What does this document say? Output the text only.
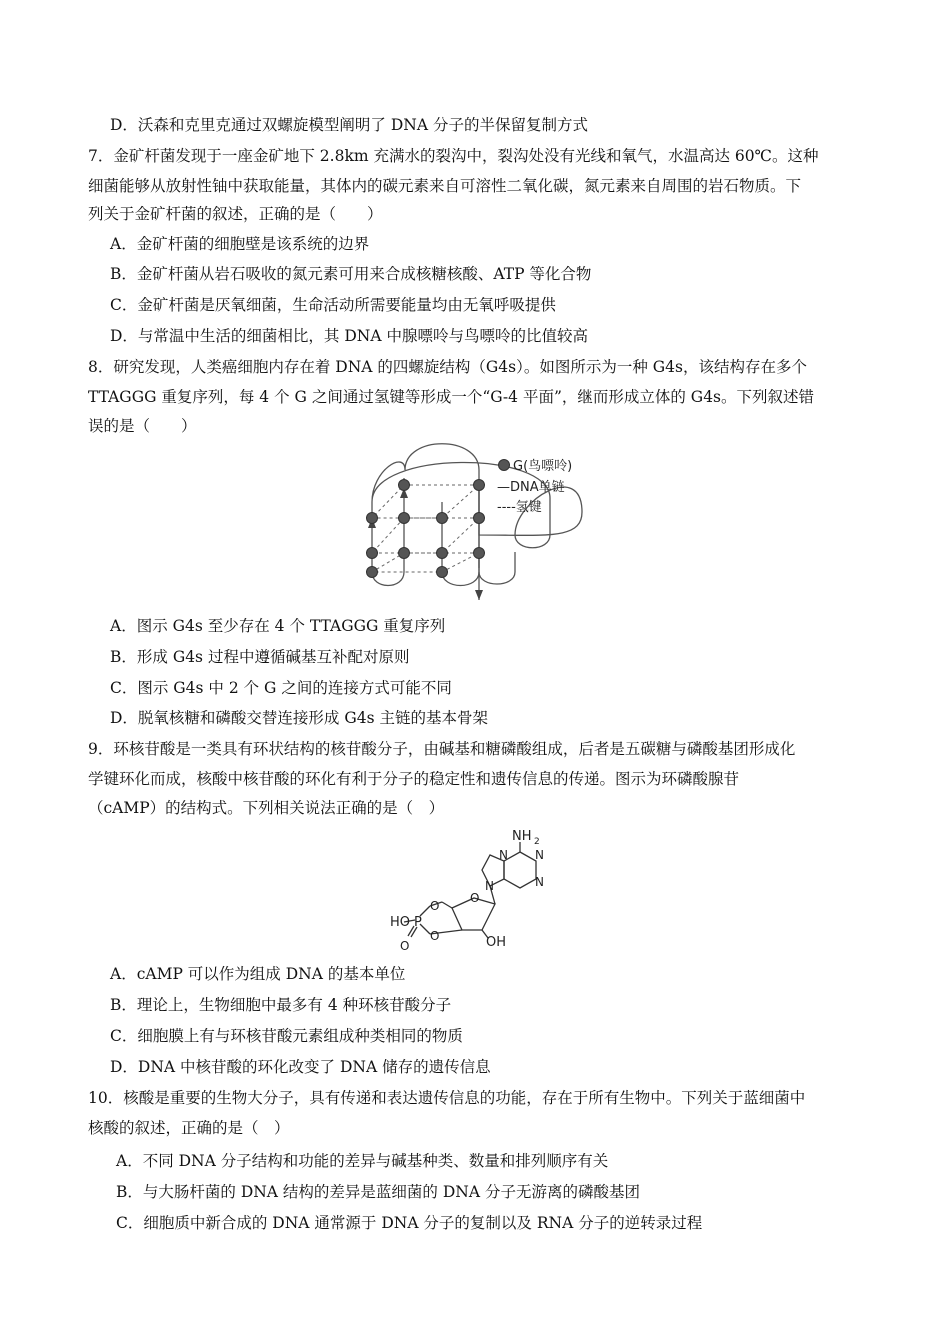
D．沃森和克里克通过双螺旋模型阐明了 DNA 分子的半保留复制方式
7．金矿杆菌发现于一座金矿地下 2.8km 充满水的裂沟中，裂沟处没有光线和氧气，水温高达 60℃。这种
细菌能够从放射性铀中获取能量，其体内的碳元素来自可溶性二氧化碳，氮元素来自周围的岩石物质。下
列关于金矿杆菌的叙述，正确的是（　　）
A．金矿杆菌的细胞壁是该系统的边界
B．金矿杆菌从岩石吸收的氮元素可用来合成核糖核酸、ATP 等化合物
C．金矿杆菌是厌氧细菌，生命活动所需要能量均由无氧呼吸提供
D．与常温中生活的细菌相比，其 DNA 中腺嘌呤与鸟嘌呤的比值较高
8．研究发现，人类癌细胞内存在着 DNA 的四螺旋结构（G4s）。如图所示为一种 G4s，该结构存在多个
TTAGGG 重复序列，每 4 个 G 之间通过氢键等形成一个“G-4 平面”，继而形成立体的 G4s。下列叙述错
误的是（　　）
G(鸟嘌呤)
—DNA单链
----氢键
A．图示 G4s 至少存在 4 个 TTAGGG 重复序列
B．形成 G4s 过程中遵循碱基互补配对原则
C．图示 G4s 中 2 个 G 之间的连接方式可能不同
D．脱氧核糖和磷酸交替连接形成 G4s 主链的基本骨架
9．环核苷酸是一类具有环状结构的核苷酸分子，由碱基和糖磷酸组成，后者是五碳糖与磷酸基团形成化
学键环化而成，核酸中核苷酸的环化有利于分子的稳定性和遗传信息的传递。图示为环磷酸腺苷
（cAMP）的结构式。下列相关说法正确的是（　）
NH 2
N N
N
N
O
HO P
O
O
O	OH
A．cAMP 可以作为组成 DNA 的基本单位
B．理论上，生物细胞中最多有 4 种环核苷酸分子
C．细胞膜上有与环核苷酸元素组成种类相同的物质
D．DNA 中核苷酸的环化改变了 DNA 储存的遗传信息
10．核酸是重要的生物大分子，具有传递和表达遗传信息的功能，存在于所有生物中。下列关于蓝细菌中
核酸的叙述，正确的是（　）
A．不同 DNA 分子结构和功能的差异与碱基种类、数量和排列顺序有关
B．与大肠杆菌的 DNA 结构的差异是蓝细菌的 DNA 分子无游离的磷酸基团
C．细胞质中新合成的 DNA 通常源于 DNA 分子的复制以及 RNA 分子的逆转录过程
